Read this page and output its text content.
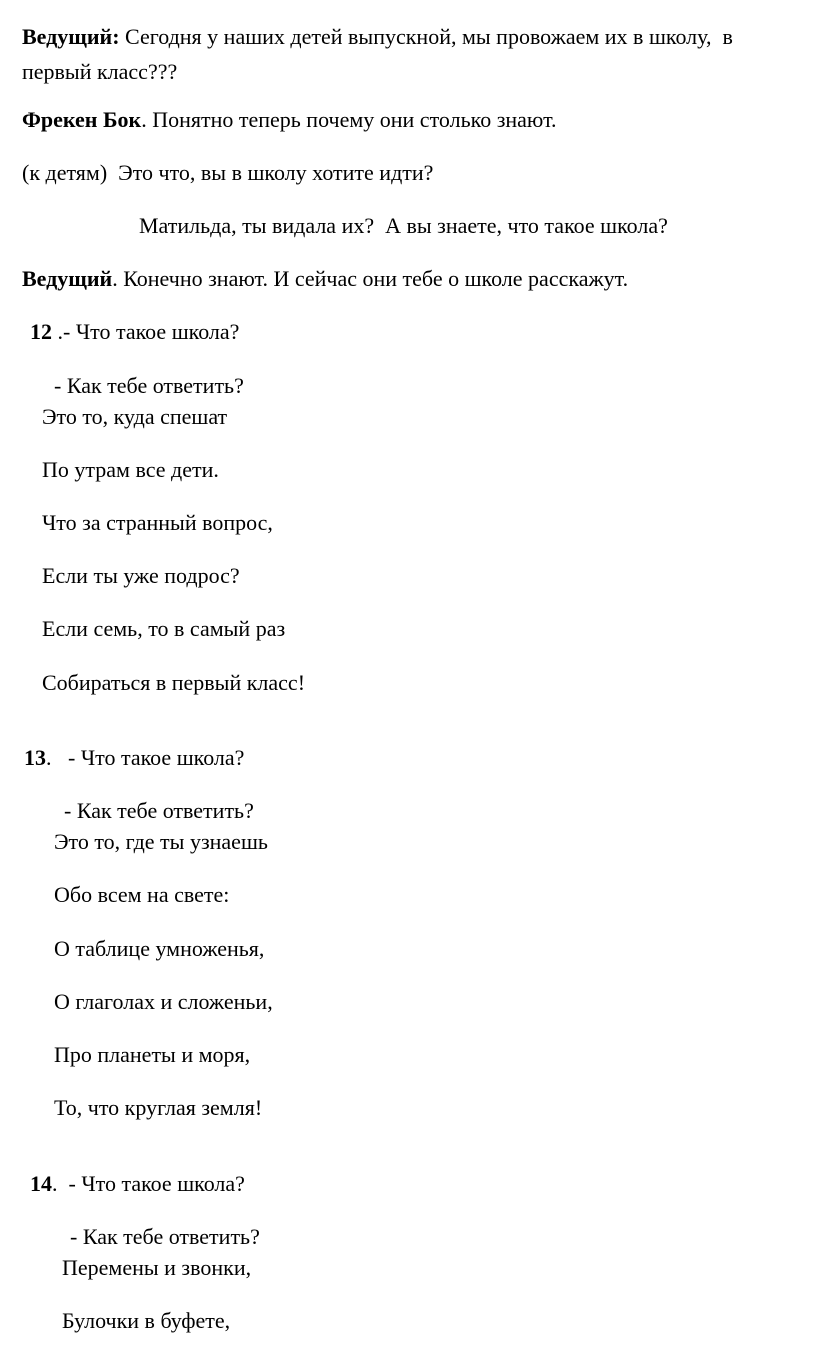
Ведущий: Сегодня у наших детей выпускной, мы провожаем их в школу,  в

первый класс???

Фрекен Бок. Понятно теперь почему они столько знают.

(к детям)  Это что, вы в школу хотите идти?

Матильда, ты видала их?  А вы знаете, что такое школа?

Ведущий. Конечно знают. И сейчас они тебе о школе расскажут.

12 .- Что такое школа?

- Как тебе ответить?

Это то, куда спешат
По утрам все дети.
Что за странный вопрос,
Если ты уже подрос?
Если семь, то в самый раз
Собираться в первый класс!

13.   - Что такое школа?

- Как тебе ответить?

Это то, где ты узнаешь
Обо всем на свете:
О таблице умноженья,
О глаголах и сложеньи,
Про планеты и моря,
То, что круглая земля!

14.  - Что такое школа?

- Как тебе ответить?

Перемены и звонки,
Булочки в буфете,
